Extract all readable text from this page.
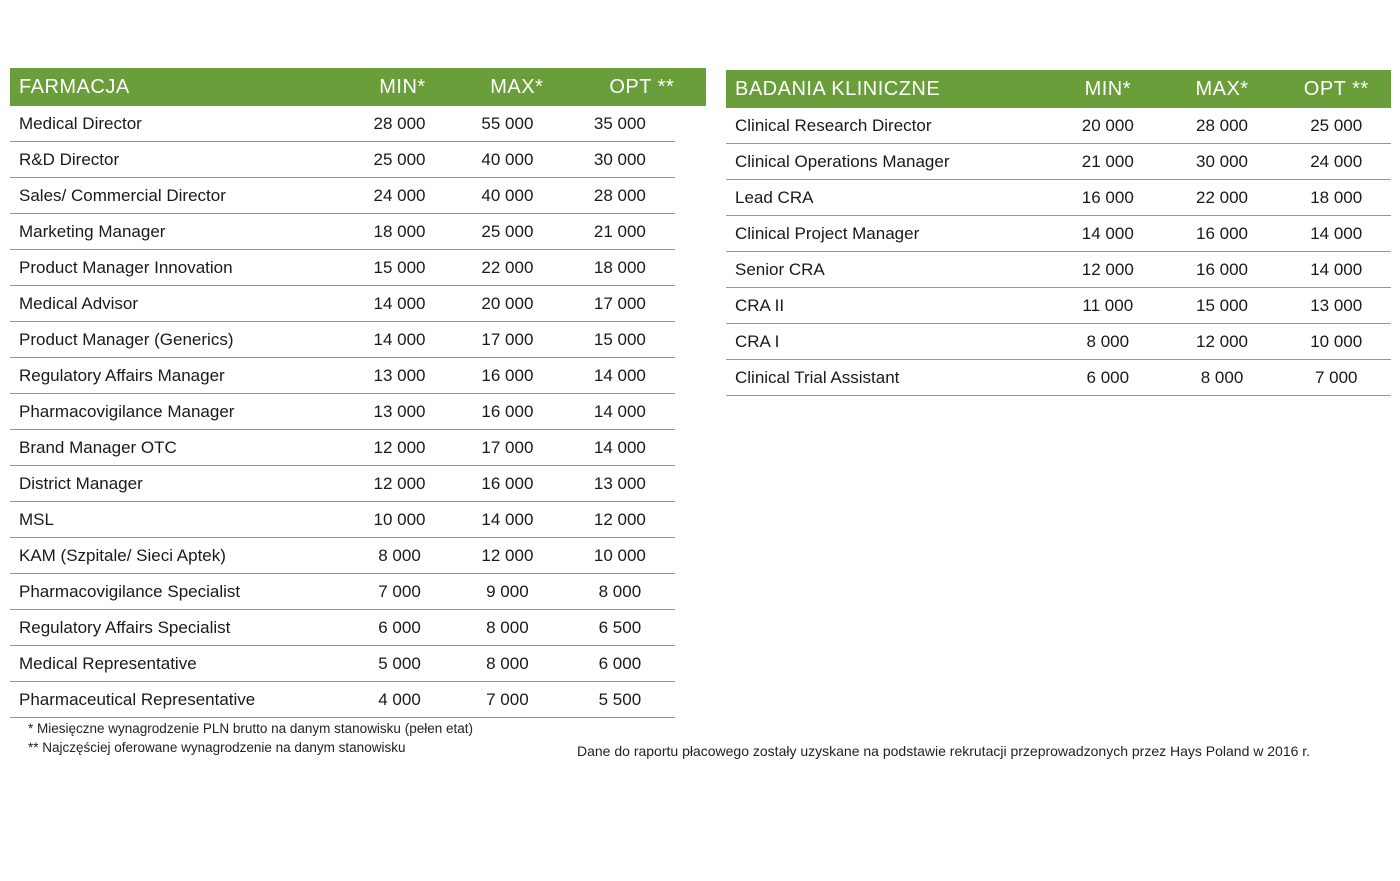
FARMACJA	MIN*	MAX*	OPT **
Medical Director	28 000	55 000	35 000
R&D Director	25 000	40 000	30 000
Sales/ Commercial Director	24 000	40 000	28 000
Marketing Manager	18 000	25 000	21 000
Product Manager Innovation	15 000	22 000	18 000
Medical Advisor	14 000	20 000	17 000
Product Manager (Generics)	14 000	17 000	15 000
Regulatory Affairs Manager	13 000	16 000	14 000
Pharmacovigilance Manager	13 000	16 000	14 000
Brand Manager OTC	12 000	17 000	14 000
District Manager	12 000	16 000	13 000
MSL	10 000	14 000	12 000
KAM (Szpitale/ Sieci Aptek)	8 000	12 000	10 000
Pharmacovigilance Specialist	7 000	9 000	8 000
Regulatory Affairs Specialist	6 000	8 000	6 500
Medical Representative	5 000	8 000	6 000
Pharmaceutical Representative	4 000	7 000	5 500
BADANIA KLINICZNE	MIN*	MAX*	OPT **
Clinical Research Director	20 000	28 000	25 000
Clinical Operations Manager	21 000	30 000	24 000
Lead CRA	16 000	22 000	18 000
Clinical Project Manager	14 000	16 000	14 000
Senior CRA	12 000	16 000	14 000
CRA II	11 000	15 000	13 000
CRA I	8 000	12 000	10 000
Clinical Trial Assistant	6 000	8 000	7 000
* Miesięczne wynagrodzenie PLN brutto na danym stanowisku (pełen etat)
** Najczęściej oferowane wynagrodzenie na danym stanowisku	Dane do raportu płacowego zostały uzyskane na podstawie rekrutacji przeprowadzonych przez Hays Poland w 2016 r.
